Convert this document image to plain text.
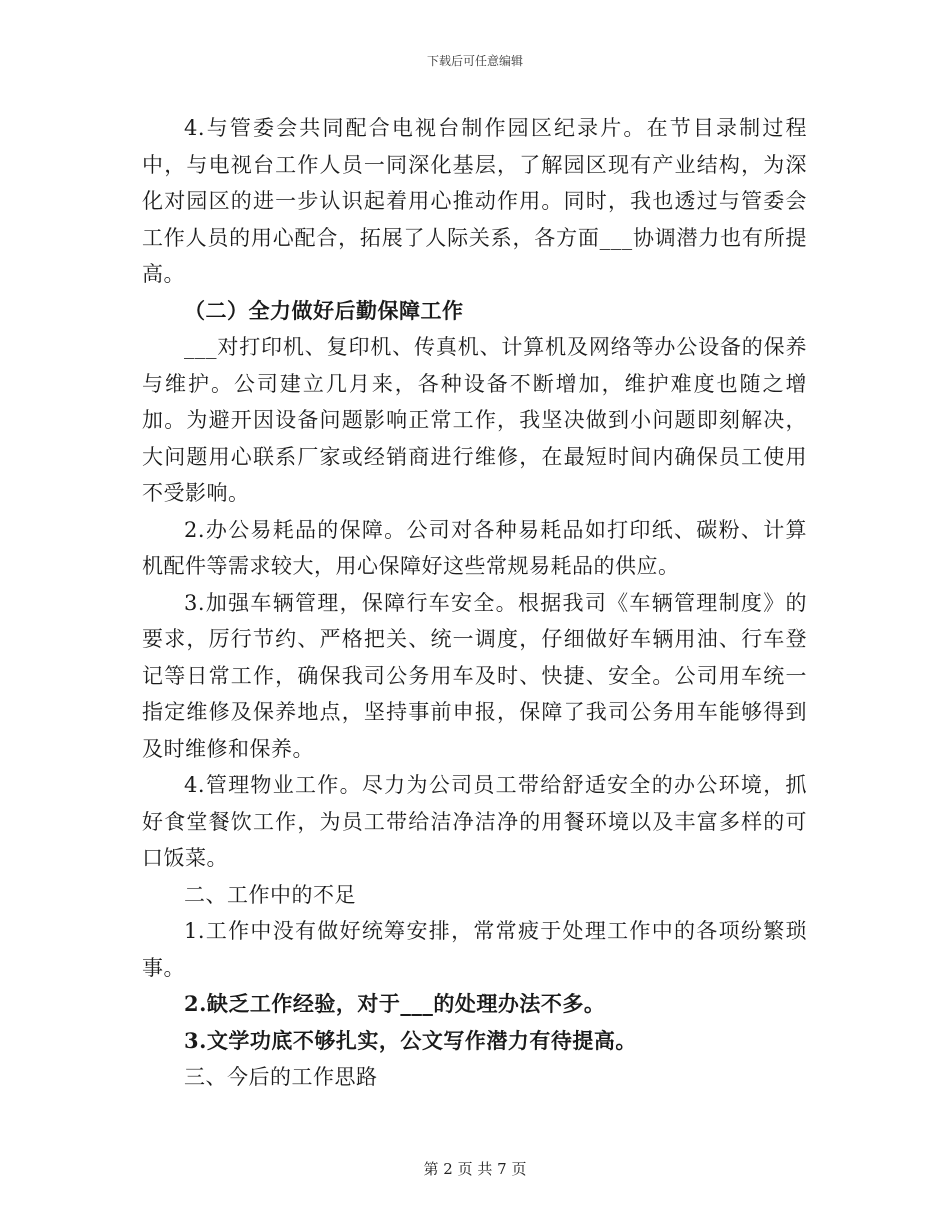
下载后可任意编辑

4.与管委会共同配合电视台制作园区纪录片。在节目录制过程中，与电视台工作人员一同深化基层，了解园区现有产业结构，为深化对园区的进一步认识起着用心推动作用。同时，我也透过与管委会工作人员的用心配合，拓展了人际关系，各方面___协调潜力也有所提高。

（二）全力做好后勤保障工作

___对打印机、复印机、传真机、计算机及网络等办公设备的保养与维护。公司建立几月来，各种设备不断增加，维护难度也随之增加。为避开因设备问题影响正常工作，我坚决做到小问题即刻解决，大问题用心联系厂家或经销商进行维修，在最短时间内确保员工使用不受影响。

2.办公易耗品的保障。公司对各种易耗品如打印纸、碳粉、计算机配件等需求较大，用心保障好这些常规易耗品的供应。

3.加强车辆管理，保障行车安全。根据我司《车辆管理制度》的要求，厉行节约、严格把关、统一调度，仔细做好车辆用油、行车登记等日常工作，确保我司公务用车及时、快捷、安全。公司用车统一指定维修及保养地点，坚持事前申报，保障了我司公务用车能够得到及时维修和保养。

4.管理物业工作。尽力为公司员工带给舒适安全的办公环境，抓好食堂餐饮工作，为员工带给洁净洁净的用餐环境以及丰富多样的可口饭菜。

二、工作中的不足

1.工作中没有做好统筹安排，常常疲于处理工作中的各项纷繁琐事。

2.缺乏工作经验，对于___的处理办法不多。

3.文学功底不够扎实，公文写作潜力有待提高。

三、今后的工作思路

第 2 页 共 7 页
